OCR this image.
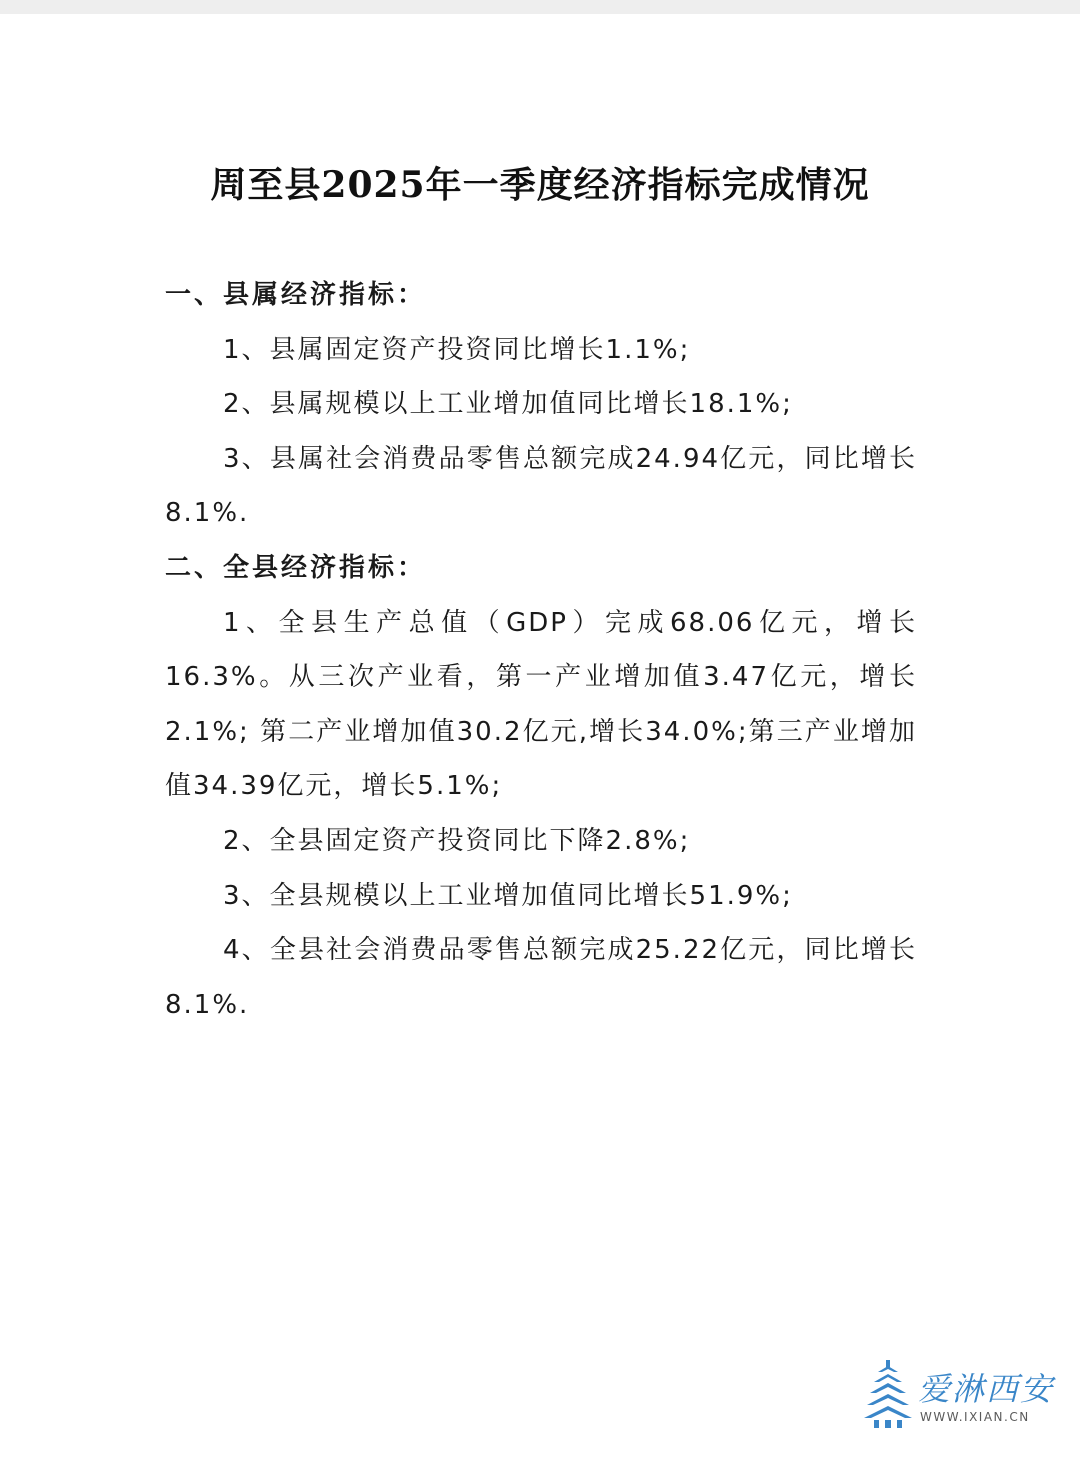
周至县2025年一季度经济指标完成情况

一、县属经济指标：

1、县属固定资产投资同比增长1.1%;

2、县属规模以上工业增加值同比增长18.1%;

3、县属社会消费品零售总额完成24.94亿元，同比增长8.1%.

二、全县经济指标：

1、全县生产总值（GDP）完成68.06亿元，增长16.3%。从三次产业看，第一产业增加值3.47亿元，增长2.1%; 第二产业增加值30.2亿元,增长34.0%;第三产业增加值34.39亿元，增长5.1%;

2、全县固定资产投资同比下降2.8%;

3、全县规模以上工业增加值同比增长51.9%;

4、全县社会消费品零售总额完成25.22亿元，同比增长8.1%.

爱淋西安
WWW.IXIAN.CN
